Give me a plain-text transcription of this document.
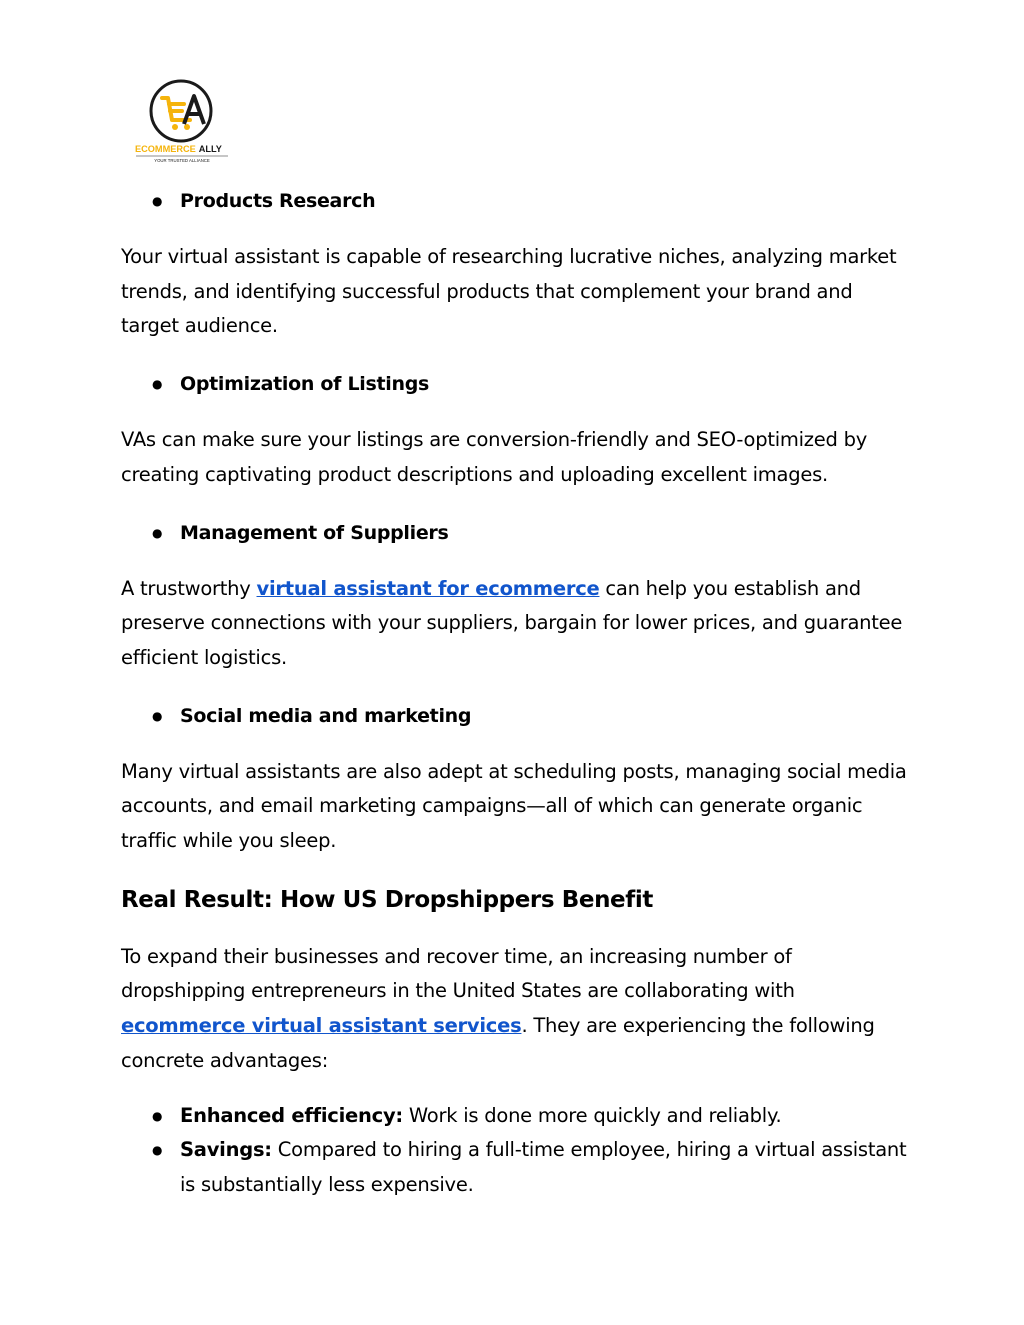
ECOMMERCE ALLY
YOUR TRUSTED ALLIANCE
● Products Research

Your virtual assistant is capable of researching lucrative niches, analyzing market trends, and identifying successful products that complement your brand and target audience.

● Optimization of Listings

VAs can make sure your listings are conversion-friendly and SEO-optimized by creating captivating product descriptions and uploading excellent images.

● Management of Suppliers

A trustworthy virtual assistant for ecommerce can help you establish and preserve connections with your suppliers, bargain for lower prices, and guarantee efficient logistics.

● Social media and marketing

Many virtual assistants are also adept at scheduling posts, managing social media accounts, and email marketing campaigns—all of which can generate organic traffic while you sleep.

Real Result: How US Dropshippers Benefit

To expand their businesses and recover time, an increasing number of dropshipping entrepreneurs in the United States are collaborating with ecommerce virtual assistant services. They are experiencing the following concrete advantages:

● Enhanced efficiency: Work is done more quickly and reliably.
● Savings: Compared to hiring a full-time employee, hiring a virtual assistant is substantially less expensive.
